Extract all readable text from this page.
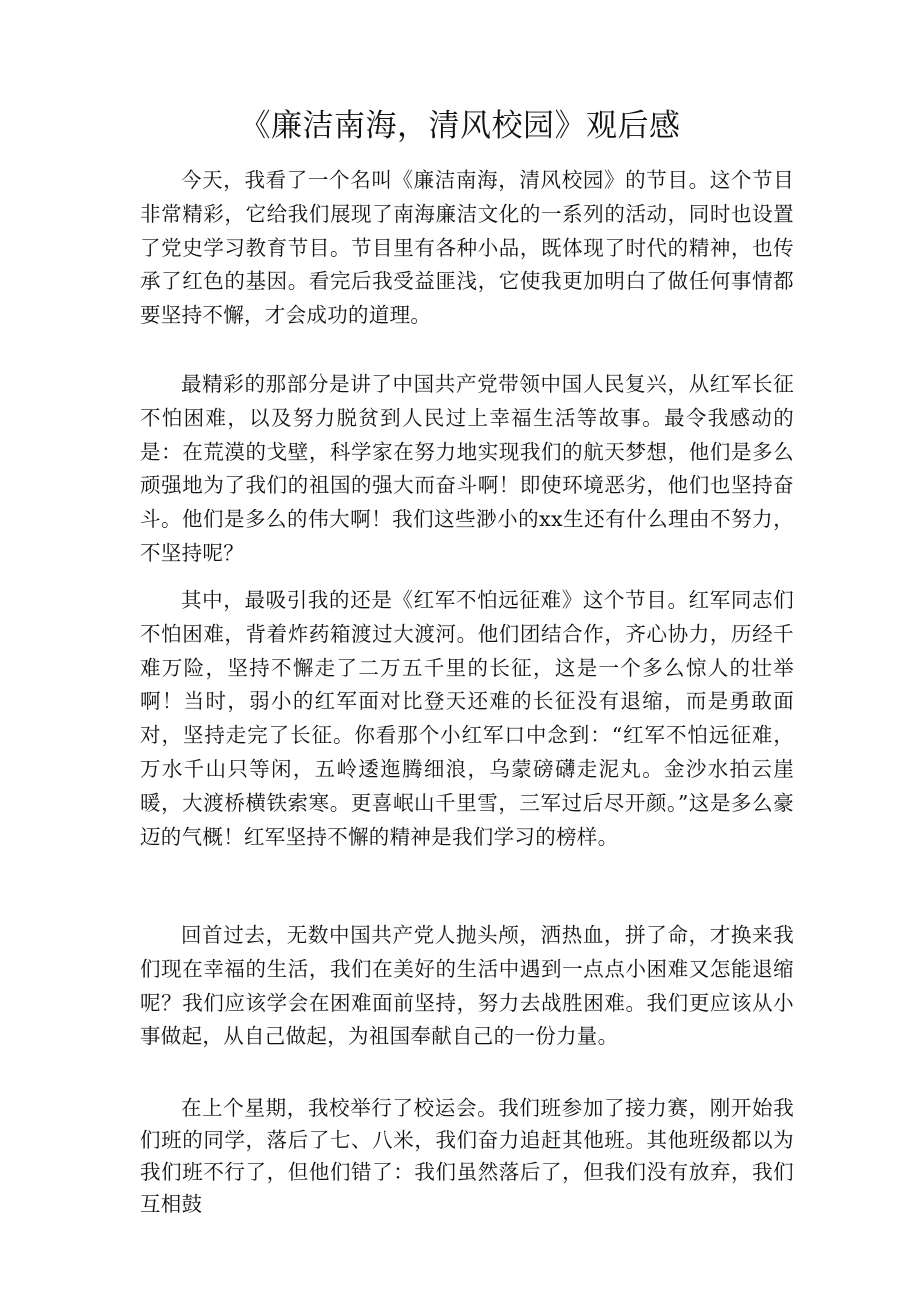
《廉洁南海，清风校园》观后感

今天，我看了一个名叫《廉洁南海，清风校园》的节目。这个节目非常精彩，它给我们展现了南海廉洁文化的一系列的活动，同时也设置了党史学习教育节目。节目里有各种小品，既体现了时代的精神，也传承了红色的基因。看完后我受益匪浅，它使我更加明白了做任何事情都要坚持不懈，才会成功的道理。

最精彩的那部分是讲了中国共产党带领中国人民复兴，从红军长征不怕困难，以及努力脱贫到人民过上幸福生活等故事。最令我感动的是：在荒漠的戈壁，科学家在努力地实现我们的航天梦想，他们是多么顽强地为了我们的祖国的强大而奋斗啊！即使环境恶劣，他们也坚持奋斗。他们是多么的伟大啊！我们这些渺小的xx生还有什么理由不努力，不坚持呢？

其中，最吸引我的还是《红军不怕远征难》这个节目。红军同志们不怕困难，背着炸药箱渡过大渡河。他们团结合作，齐心协力，历经千难万险，坚持不懈走了二万五千里的长征，这是一个多么惊人的壮举啊！当时，弱小的红军面对比登天还难的长征没有退缩，而是勇敢面对，坚持走完了长征。你看那个小红军口中念到：“红军不怕远征难，万水千山只等闲，五岭逶迤腾细浪，乌蒙磅礴走泥丸。金沙水拍云崖暖，大渡桥横铁索寒。更喜岷山千里雪，三军过后尽开颜。”这是多么豪迈的气概！红军坚持不懈的精神是我们学习的榜样。

回首过去，无数中国共产党人抛头颅，洒热血，拼了命，才换来我们现在幸福的生活，我们在美好的生活中遇到一点点小困难又怎能退缩呢？我们应该学会在困难面前坚持，努力去战胜困难。我们更应该从小事做起，从自己做起，为祖国奉献自己的一份力量。

在上个星期，我校举行了校运会。我们班参加了接力赛，刚开始我们班的同学，落后了七、八米，我们奋力追赶其他班。其他班级都以为我们班不行了，但他们错了：我们虽然落后了，但我们没有放弃，我们互相鼓
